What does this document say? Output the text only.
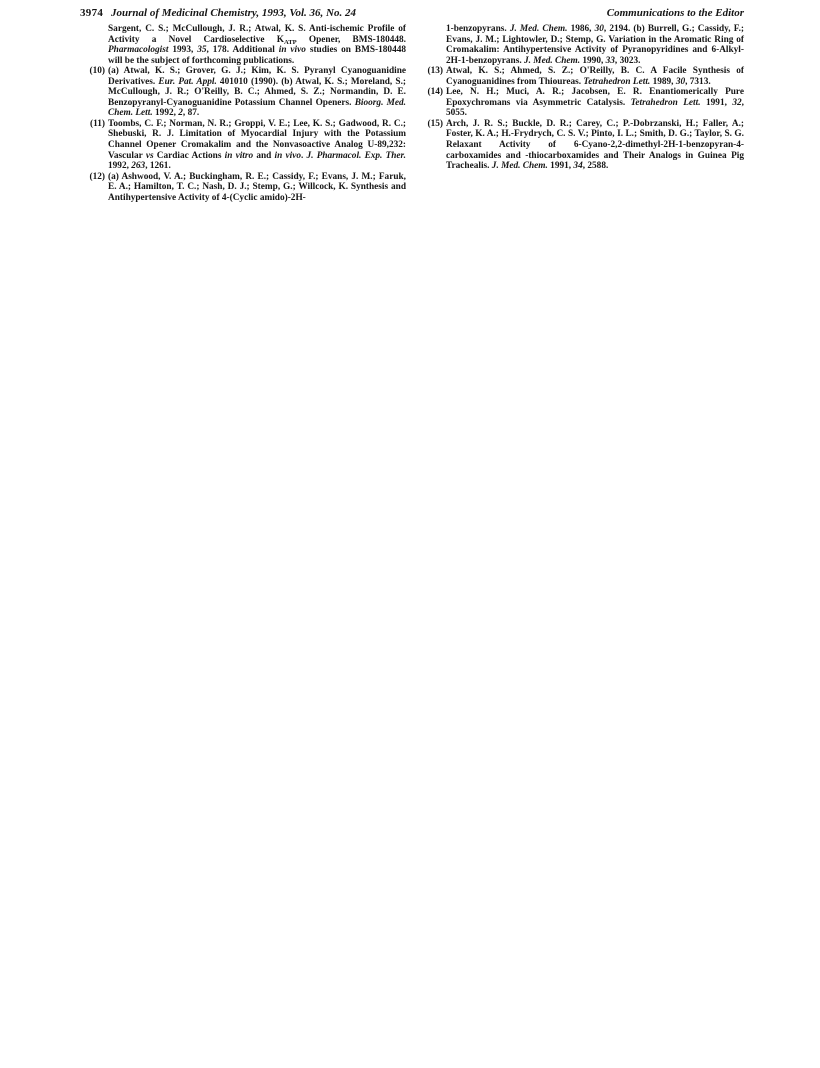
3974 Journal of Medicinal Chemistry, 1993, Vol. 36, No. 24	Communications to the Editor
Sargent, C. S.; McCullough, J. R.; Atwal, K. S. Anti-ischemic Profile of Activity a Novel Cardioselective $K_{ATP}$ Opener, BMS-180448. Pharmacologist 1993, 35, 178. Additional in vivo studies on BMS-180448 will be the subject of forthcoming publications.
(10) (a) Atwal, K. S.; Grover, G. J.; Kim, K. S. Pyranyl Cyanoguanidine Derivatives. Eur. Pat. Appl. 401010 (1990). (b) Atwal, K. S.; Moreland, S.; McCullough, J. R.; O'Reilly, B. C.; Ahmed, S. Z.; Normandin, D. E. Benzopyranyl-Cyanoguanidine Potassium Channel Openers. Bioorg. Med. Chem. Lett. 1992, 2, 87.
(11) Toombs, C. F.; Norman, N. R.; Groppi, V. E.; Lee, K. S.; Gadwood, R. C.; Shebuski, R. J. Limitation of Myocardial Injury with the Potassium Channel Opener Cromakalim and the Nonvasoactive Analog U-89,232: Vascular vs Cardiac Actions in vitro and in vivo. J. Pharmacol. Exp. Ther. 1992, 263, 1261.
(12) (a) Ashwood, V. A.; Buckingham, R. E.; Cassidy, F.; Evans, J. M.; Faruk, E. A.; Hamilton, T. C.; Nash, D. J.; Stemp, G.; Willcock, K. Synthesis and Antihypertensive Activity of 4-(Cyclic amido)-2H-
1-benzopyrans. J. Med. Chem. 1986, 30, 2194. (b) Burrell, G.; Cassidy, F.; Evans, J. M.; Lightowler, D.; Stemp, G. Variation in the Aromatic Ring of Cromakalim: Antihypertensive Activity of Pyranopyridines and 6-Alkyl-2H-1-benzopyrans. J. Med. Chem. 1990, 33, 3023.
(13) Atwal, K. S.; Ahmed, S. Z.; O'Reilly, B. C. A Facile Synthesis of Cyanoguanidines from Thioureas. Tetrahedron Lett. 1989, 30, 7313.
(14) Lee, N. H.; Muci, A. R.; Jacobsen, E. R. Enantiomerically Pure Epoxychromans via Asymmetric Catalysis. Tetrahedron Lett. 1991, 32, 5055.
(15) Arch, J. R. S.; Buckle, D. R.; Carey, C.; P.-Dobrzanski, H.; Faller, A.; Foster, K. A.; H.-Frydrych, C. S. V.; Pinto, I. L.; Smith, D. G.; Taylor, S. G. Relaxant Activity of 6-Cyano-2,2-dimethyl-2H-1-benzopyran-4-carboxamides and -thiocarboxamides and Their Analogs in Guinea Pig Trachealis. J. Med. Chem. 1991, 34, 2588.
